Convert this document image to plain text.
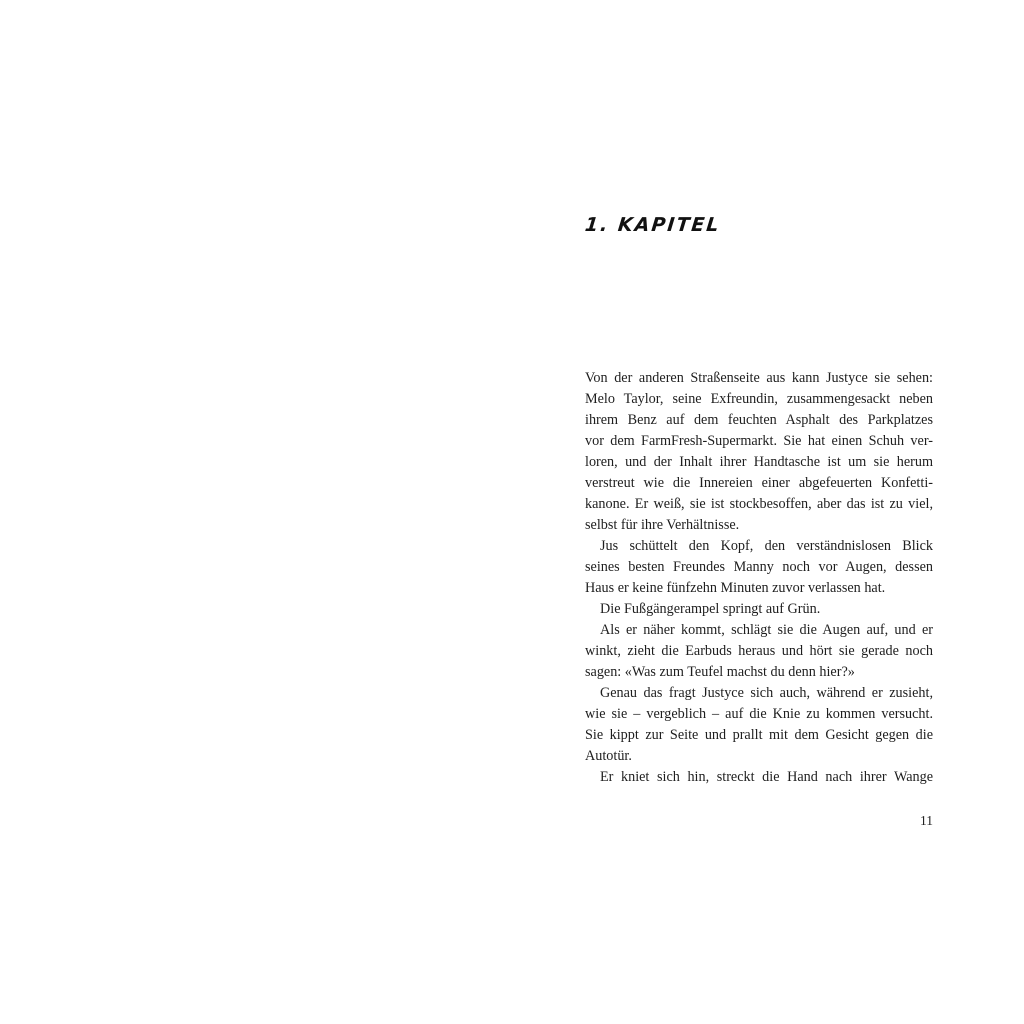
1. KAPITEL
Von der anderen Straßenseite aus kann Justyce sie sehen:
Melo Taylor, seine Exfreundin, zusammengesackt neben
ihrem Benz auf dem feuchten Asphalt des Parkplatzes
vor dem FarmFresh-Supermarkt. Sie hat einen Schuh ver-
loren, und der Inhalt ihrer Handtasche ist um sie herum
verstreut wie die Innereien einer abgefeuerten Konfetti-
kanone. Er weiß, sie ist stockbesoffen, aber das ist zu viel,
selbst für ihre Verhältnisse.
Jus schüttelt den Kopf, den verständnislosen Blick
seines besten Freundes Manny noch vor Augen, dessen
Haus er keine fünfzehn Minuten zuvor verlassen hat.
Die Fußgängerampel springt auf Grün.
Als er näher kommt, schlägt sie die Augen auf, und er
winkt, zieht die Earbuds heraus und hört sie gerade noch
sagen: «Was zum Teufel machst du denn hier?»
Genau das fragt Justyce sich auch, während er zusieht,
wie sie – vergeblich – auf die Knie zu kommen versucht.
Sie kippt zur Seite und prallt mit dem Gesicht gegen die
Autotür.
Er kniet sich hin, streckt die Hand nach ihrer Wange
11
